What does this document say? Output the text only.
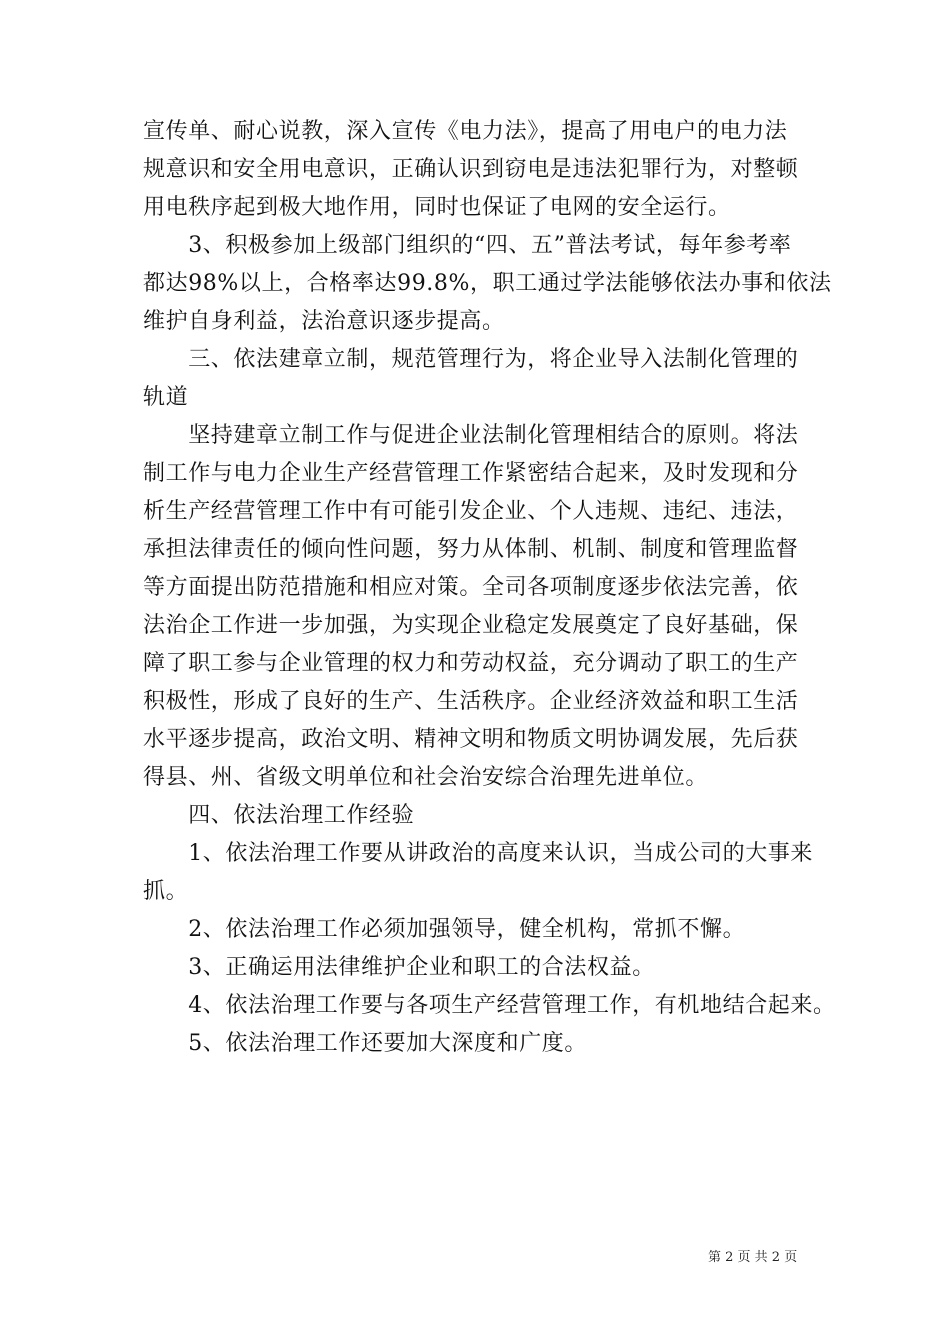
宣传单、耐心说教，深入宣传《电力法》，提高了用电户的电力法
规意识和安全用电意识，正确认识到窃电是违法犯罪行为，对整顿
用电秩序起到极大地作用，同时也保证了电网的安全运行。
　　3、积极参加上级部门组织的“四、五”普法考试，每年参考率
都达98%以上，合格率达99.8%，职工通过学法能够依法办事和依法
维护自身利益，法治意识逐步提高。
　　三、依法建章立制，规范管理行为，将企业导入法制化管理的
轨道
　　坚持建章立制工作与促进企业法制化管理相结合的原则。将法
制工作与电力企业生产经营管理工作紧密结合起来，及时发现和分
析生产经营管理工作中有可能引发企业、个人违规、违纪、违法，
承担法律责任的倾向性问题，努力从体制、机制、制度和管理监督
等方面提出防范措施和相应对策。全司各项制度逐步依法完善，依
法治企工作进一步加强，为实现企业稳定发展奠定了良好基础，保
障了职工参与企业管理的权力和劳动权益，充分调动了职工的生产
积极性，形成了良好的生产、生活秩序。企业经济效益和职工生活
水平逐步提高，政治文明、精神文明和物质文明协调发展，先后获
得县、州、省级文明单位和社会治安综合治理先进单位。
　　四、依法治理工作经验
　　1、依法治理工作要从讲政治的高度来认识，当成公司的大事来
抓。
　　2、依法治理工作必须加强领导，健全机构，常抓不懈。
　　3、正确运用法律维护企业和职工的合法权益。
　　4、依法治理工作要与各项生产经营管理工作，有机地结合起来。
　　5、依法治理工作还要加大深度和广度。
第 2 页 共 2 页
